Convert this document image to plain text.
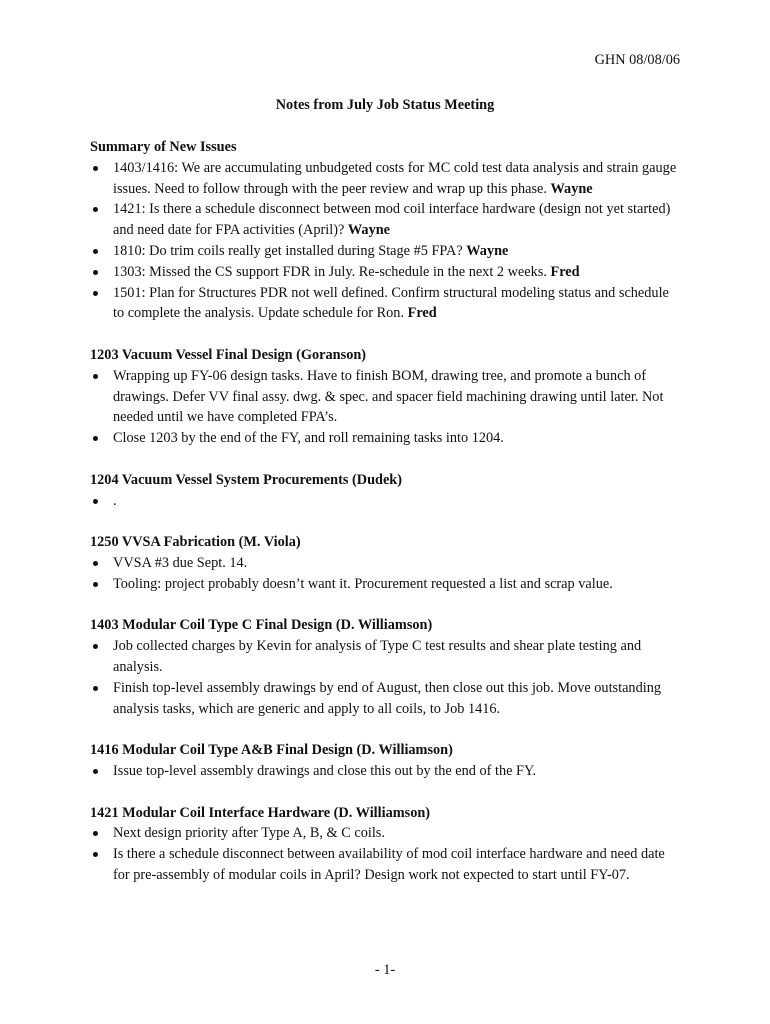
GHN 08/08/06
Notes from July Job Status Meeting
Summary of New Issues
1403/1416: We are accumulating unbudgeted costs for MC cold test data analysis and strain gauge issues. Need to follow through with the peer review and wrap up this phase. Wayne
1421: Is there a schedule disconnect between mod coil interface hardware (design not yet started) and need date for FPA activities (April)? Wayne
1810: Do trim coils really get installed during Stage #5 FPA? Wayne
1303: Missed the CS support FDR in July. Re-schedule in the next 2 weeks. Fred
1501: Plan for Structures PDR not well defined. Confirm structural modeling status and schedule to complete the analysis. Update schedule for Ron. Fred
1203 Vacuum Vessel Final Design (Goranson)
Wrapping up FY-06 design tasks. Have to finish BOM, drawing tree, and promote a bunch of drawings. Defer VV final assy. dwg. & spec. and spacer field machining drawing until later. Not needed until we have completed FPA’s.
Close 1203 by the end of the FY, and roll remaining tasks into 1204.
1204 Vacuum Vessel System Procurements (Dudek)
.
1250 VVSA Fabrication (M. Viola)
VVSA #3 due Sept. 14.
Tooling: project probably doesn’t want it. Procurement requested a list and scrap value.
1403 Modular Coil Type C Final Design (D. Williamson)
Job collected charges by Kevin for analysis of Type C test results and shear plate testing and analysis.
Finish top-level assembly drawings by end of August, then close out this job. Move outstanding analysis tasks, which are generic and apply to all coils, to Job 1416.
1416 Modular Coil Type A&B Final Design (D. Williamson)
Issue top-level assembly drawings and close this out by the end of the FY.
1421 Modular Coil Interface Hardware (D. Williamson)
Next design priority after Type A, B, & C coils.
Is there a schedule disconnect between availability of mod coil interface hardware and need date for pre-assembly of modular coils in April? Design work not expected to start until FY-07.
- 1-
